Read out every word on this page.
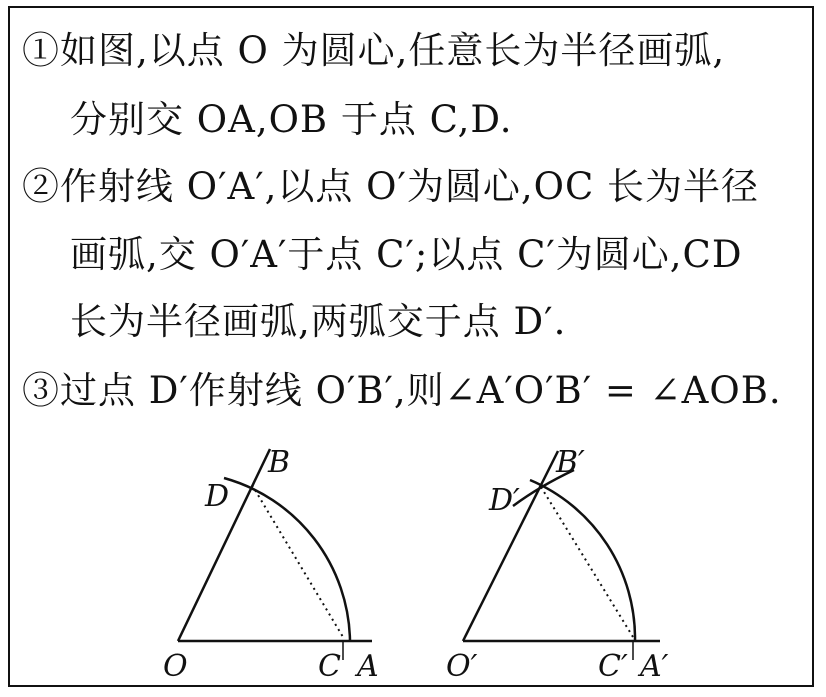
①如图,以点 O 为圆心,任意长为半径画弧,
分别交 OA,OB 于点 C,D.
②作射线 O′A′,以点 O′为圆心,OC 长为半径
画弧,交 O′A′于点 C′;以点 C′为圆心,CD
长为半径画弧,两弧交于点 D′.
③过点 D′作射线 O′B′,则∠A′O′B′ = ∠AOB.
O	A
B
C
D
O′	A′
B′
C′
D′
